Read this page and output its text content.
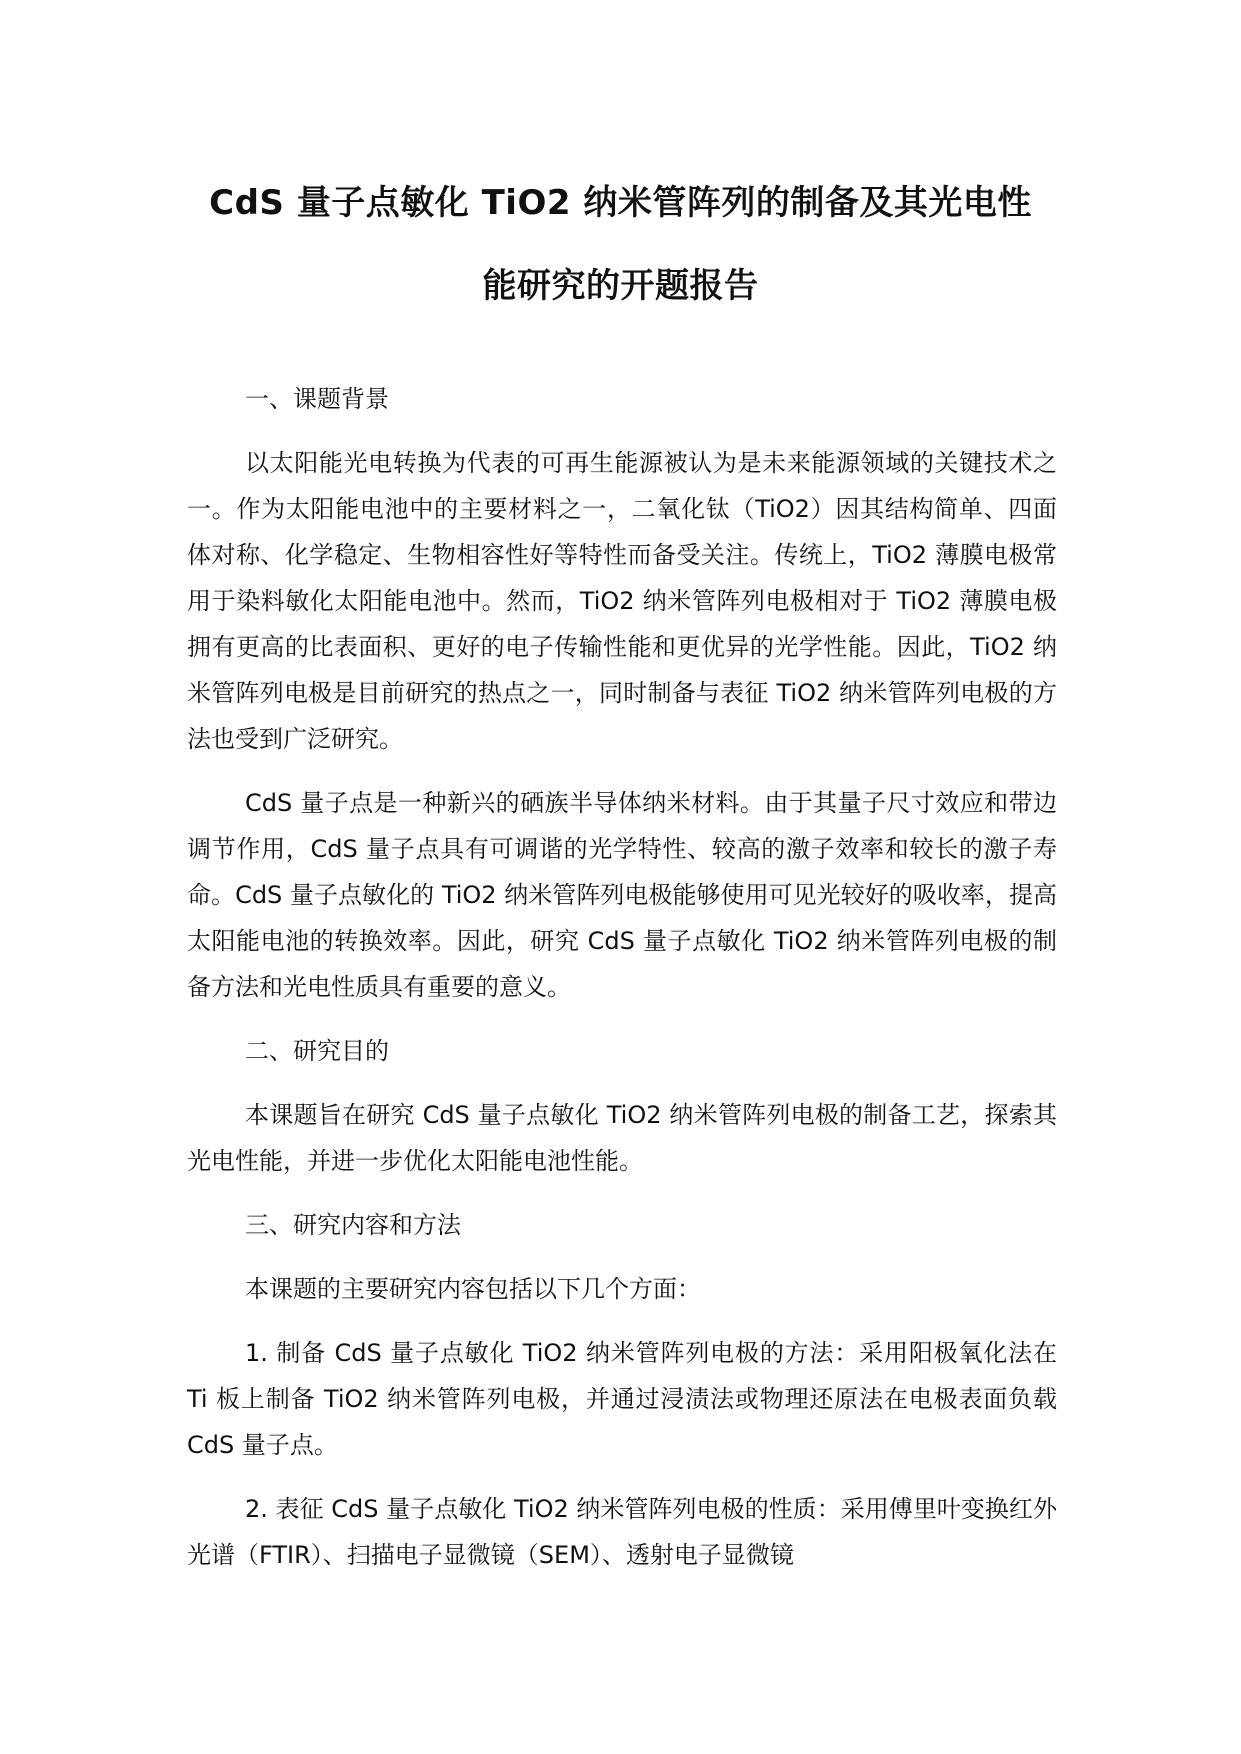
CdS 量子点敏化 TiO2 纳米管阵列的制备及其光电性
能研究的开题报告
一、课题背景

以太阳能光电转换为代表的可再生能源被认为是未来能源领域的关键技术之一。作为太阳能电池中的主要材料之一，二氧化钛（TiO2）因其结构简单、四面体对称、化学稳定、生物相容性好等特性而备受关注。传统上，TiO2 薄膜电极常用于染料敏化太阳能电池中。然而，TiO2 纳米管阵列电极相对于 TiO2 薄膜电极拥有更高的比表面积、更好的电子传输性能和更优异的光学性能。因此，TiO2 纳米管阵列电极是目前研究的热点之一，同时制备与表征 TiO2 纳米管阵列电极的方法也受到广泛研究。

CdS 量子点是一种新兴的硒族半导体纳米材料。由于其量子尺寸效应和带边调节作用，CdS 量子点具有可调谐的光学特性、较高的激子效率和较长的激子寿命。CdS 量子点敏化的 TiO2 纳米管阵列电极能够使用可见光较好的吸收率，提高太阳能电池的转换效率。因此，研究 CdS 量子点敏化 TiO2 纳米管阵列电极的制备方法和光电性质具有重要的意义。

二、研究目的

本课题旨在研究 CdS 量子点敏化 TiO2 纳米管阵列电极的制备工艺，探索其光电性能，并进一步优化太阳能电池性能。

三、研究内容和方法

本课题的主要研究内容包括以下几个方面：

1. 制备 CdS 量子点敏化 TiO2 纳米管阵列电极的方法：采用阳极氧化法在 Ti 板上制备 TiO2 纳米管阵列电极，并通过浸渍法或物理还原法在电极表面负载 CdS 量子点。

2. 表征 CdS 量子点敏化 TiO2 纳米管阵列电极的性质：采用傅里叶变换红外光谱（FTIR）、扫描电子显微镜（SEM）、透射电子显微镜
